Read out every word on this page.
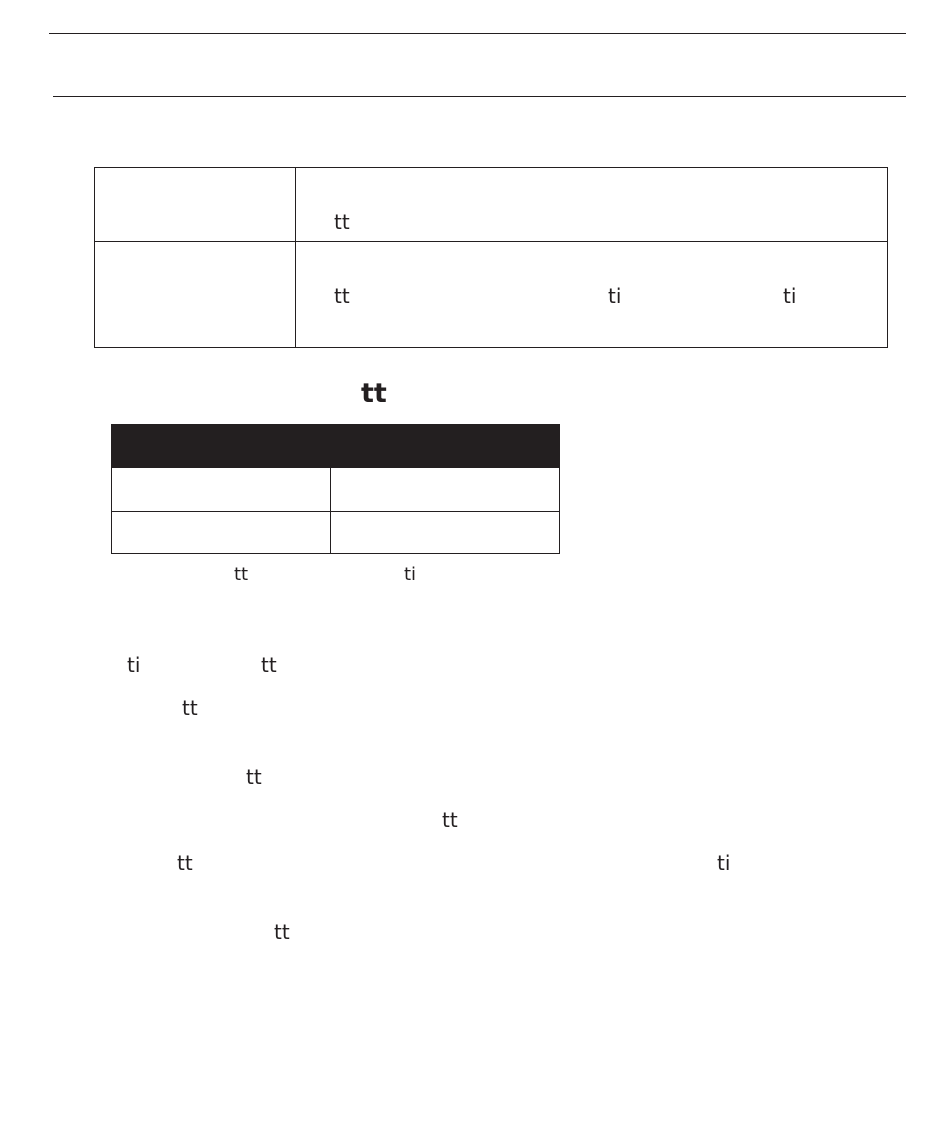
tt
tt	ti	ti
tt
tt	ti
ti	tt
tt
tt
tt
tt	ti
tt
